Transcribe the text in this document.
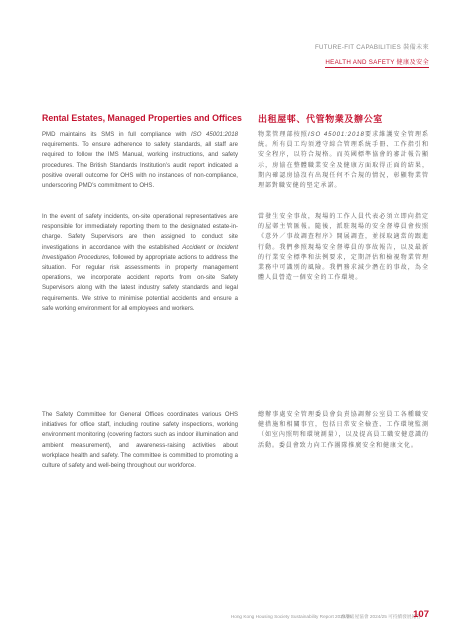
FUTURE-FIT CAPABILITIES 裝備未來
HEALTH AND SAFETY 健康及安全
Rental Estates, Managed Properties and Offices 出租屋邨、代管物業及辦公室

PMD maintains its SMS in full compliance with ISO 45001:2018 requirements. To ensure adherence to safety standards, all staff are required to follow the IMS Manual, working instructions, and safety procedures. The British Standards Institution’s audit report indicated a positive overall outcome for OHS with no instances of non-compliance, underscoring PMD’s commitment to OHS.

In the event of safety incidents, on-site operational representatives are responsible for immediately reporting them to the designated estate-in-charge. Safety Supervisors are then assigned to conduct site investigations in accordance with the established Accident or Incident Investigation Procedures, followed by appropriate actions to address the situation. For regular risk assessments in property management operations, we incorporate accident reports from on-site Safety Supervisors along with the latest industry safety standards and legal requirements. We strive to minimise potential accidents and ensure a safe working environment for all employees and workers.

The Safety Committee for General Offices coordinates various OHS initiatives for office staff, including routine safety inspections, working environment monitoring (covering factors such as indoor illumination and ambient measurement), and awareness-raising activities about workplace health and safety. The committee is committed to promoting a culture of safety and well-being throughout our workforce.

物業管理部按照ISO 45001:2018要求維護安全管理系統。所有員工均須遵守綜合管理系統手冊、工作指引和安全程序，以符合規格。而英國標準協會的審計報告顯示，房協在整體職業安全及健康方面取得正面的結果，期內確認房協沒有出現任何不合規的情況，彰顯物業管理部對職安健的堅定承諾。

當發生安全事故，現場的工作人員代表必須立即向指定的屋邨主管匯報。隨後，派駐現場的安全督導員會按照《意外／事故調查程序》開展調查，並採取適當的跟進行動。我們參照現場安全督導員的事故報告，以及最新的行業安全標準和法例要求，定期評估和檢視物業管理業務中可識別的風險。我們務求減少潛在的事故，為全體人員營造一個安全的工作環境。

總辦事處安全管理委員會負責協調辦公室員工各種職安健措施和相關事宜，包括日常安全檢查、工作環境監測（如室內照明和環境測量），以及提高員工職安健意識的活動。委員會致力向工作團隊推廣安全和健康文化。

Hong Kong Housing Society Sustainability Report 2024/25
香港房屋協會 2024/25 可持續發展報告
107
